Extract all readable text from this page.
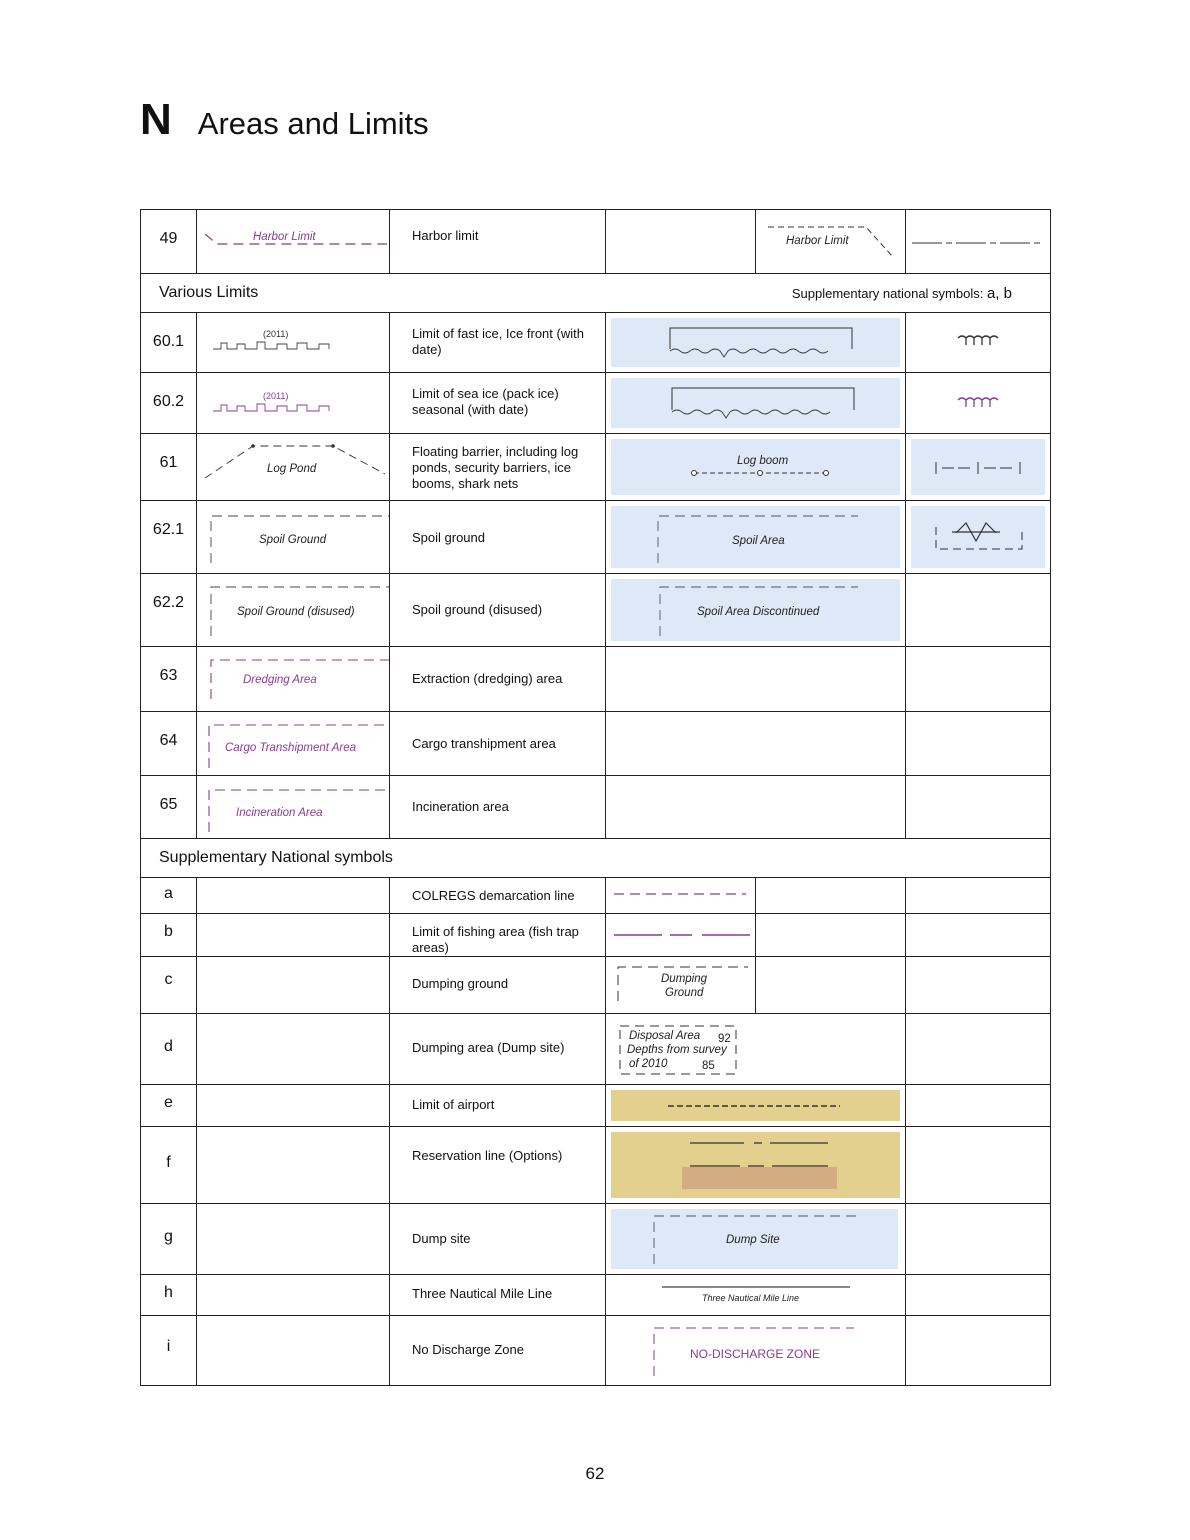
N Areas and Limits
49	Harbor Limit	Harbor limit		Harbor Limit

Various Limits Supplementary national symbols: a, b					

60.1	(2011)	Limit of fast ice, Ice front (with date)	

60.2	(2011)	Limit of sea ice (pack ice) seasonal (with date)	

61	Log Pond	Floating barrier, including log ponds, security barriers, ice booms, shark nets	Log boom

62.1	Spoil Ground	Spoil ground	Spoil Area

62.2	Spoil Ground (disused)	Spoil ground (disused)	Spoil Area Discontinued		

63	Dredging Area	Extraction (dredging) area			
64	Cargo Transhipment Area	Cargo transhipment area			
65	Incineration Area	Incineration area			
Supplementary National symbols					
a		COLREGS demarcation line	

b		Limit of fishing area (fish trap areas)	

c		Dumping ground	Dumping
Ground		

d		Dumping area (Dump site)	Disposal Area 92
Depths from survey
of 2010 85		

e		Limit of airport	

f		Reservation line (Options)	

g		Dump site	Dump Site		

h		Three Nautical Mile Line	Three Nautical Mile Line		

i		No Discharge Zone	NO-DISCHARGE ZONE		

62
